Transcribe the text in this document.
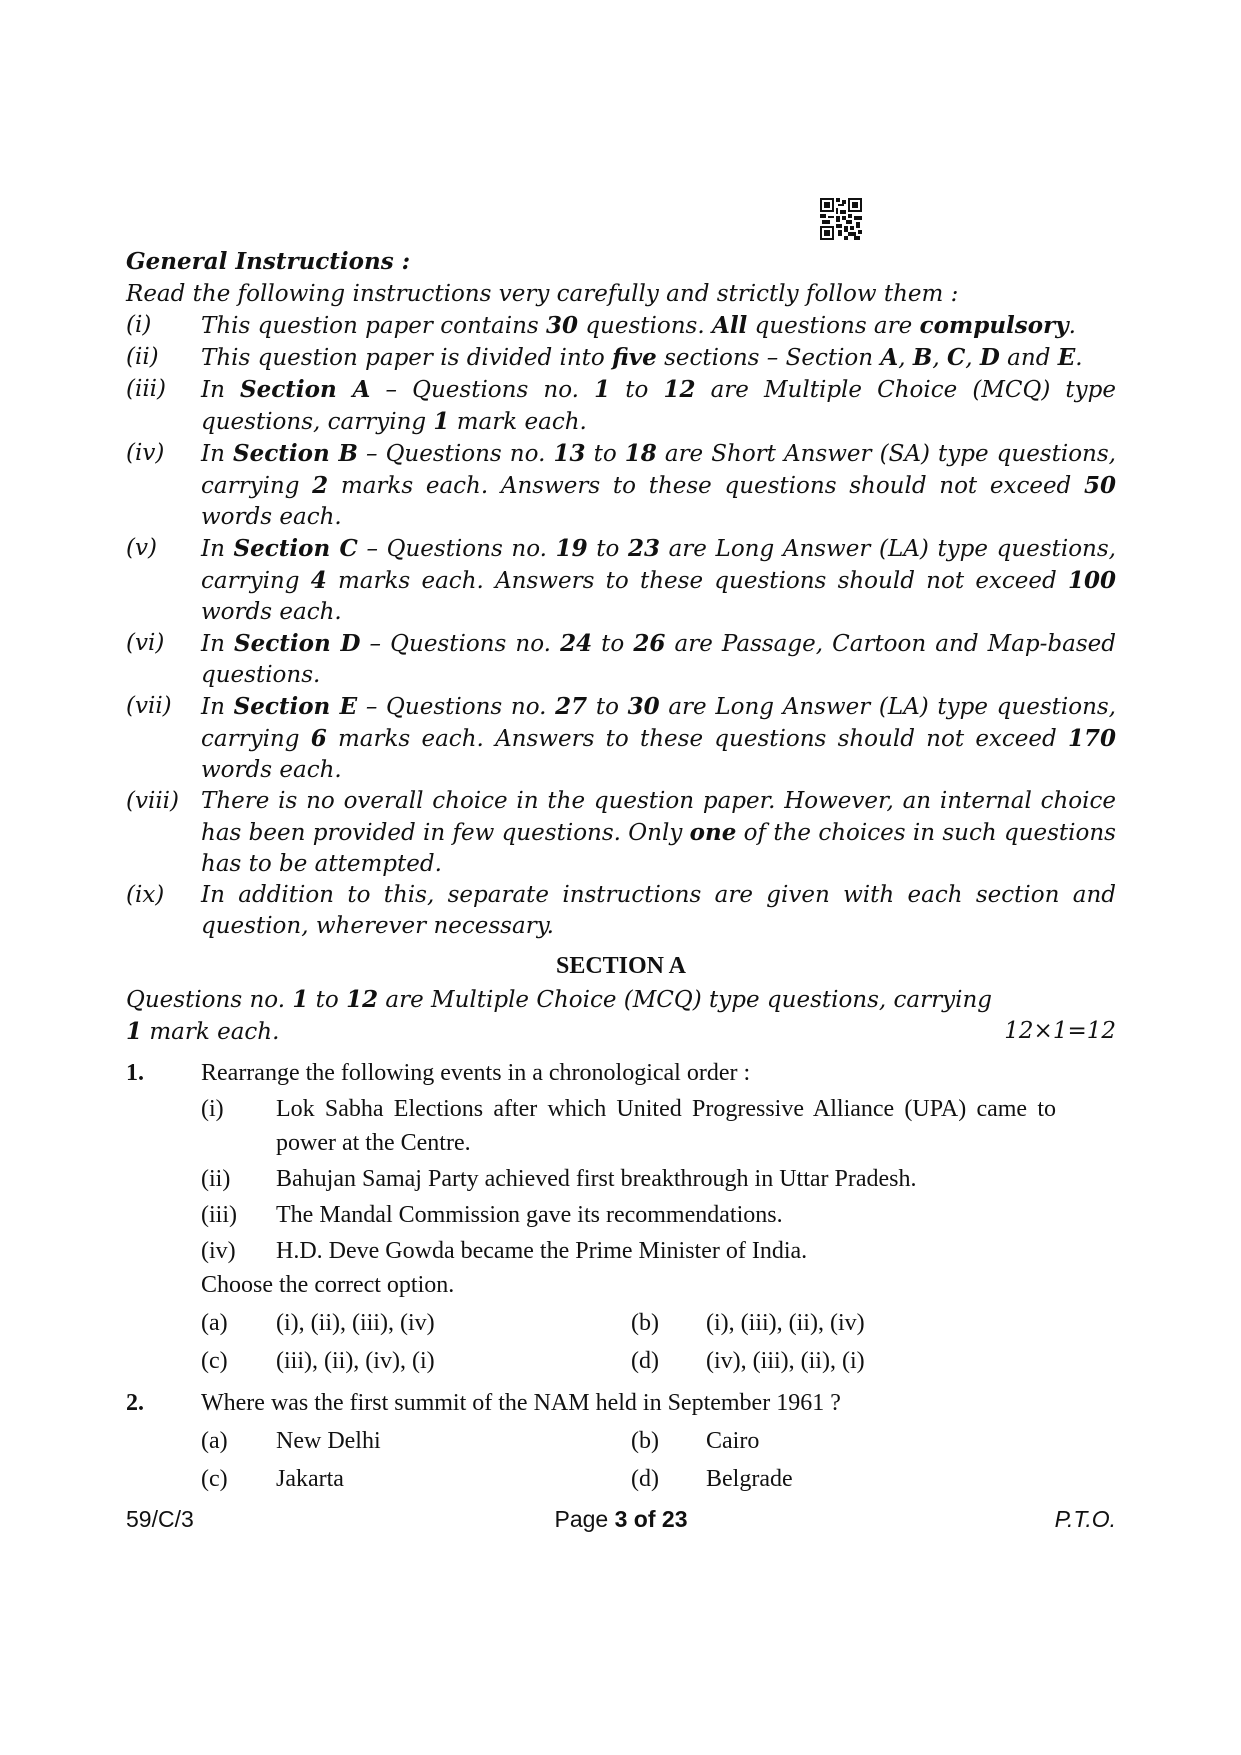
General Instructions :

Read the following instructions very carefully and strictly follow them :

(i)	This question paper contains 30 questions. All questions are compulsory.
(ii)	This question paper is divided into five sections – Section A, B, C, D and E.
(iii)	In Section A – Questions no. 1 to 12 are Multiple Choice (MCQ) type questions, carrying 1 mark each.
(iv)	In Section B – Questions no. 13 to 18 are Short Answer (SA) type questions, carrying 2 marks each. Answers to these questions should not exceed 50 words each.
(v)	In Section C – Questions no. 19 to 23 are Long Answer (LA) type questions, carrying 4 marks each. Answers to these questions should not exceed 100 words each.
(vi)	In Section D – Questions no. 24 to 26 are Passage, Cartoon and Map-based questions.
(vii)	In Section E – Questions no. 27 to 30 are Long Answer (LA) type questions, carrying 6 marks each. Answers to these questions should not exceed 170 words each.
(viii) There is no overall choice in the question paper. However, an internal choice has been provided in few questions. Only one of the choices in such questions has to be attempted.
(ix)	In addition to this, separate instructions are given with each section and question, wherever necessary.

SECTION A

Questions no. 1 to 12 are Multiple Choice (MCQ) type questions, carrying
1 mark each.	12×1=12
1.	Rearrange the following events in a chronological order :
(i)	Lok Sabha Elections after which United Progressive Alliance (UPA) came to power at the Centre.
(ii)	Bahujan Samaj Party achieved first breakthrough in Uttar Pradesh.
(iii)	The Mandal Commission gave its recommendations.
(iv)	H.D. Deve Gowda became the Prime Minister of India.
Choose the correct option.
(a)	(i), (ii), (iii), (iv)	(b)	(i), (iii), (ii), (iv)
(c)	(iii), (ii), (iv), (i)	(d)	(iv), (iii), (ii), (i)
2.	Where was the first summit of the NAM held in September 1961 ?
(a)	New Delhi	(b)	Cairo
(c)	Jakarta	(d)	Belgrade
59/C/3	Page 3 of 23	P.T.O.
